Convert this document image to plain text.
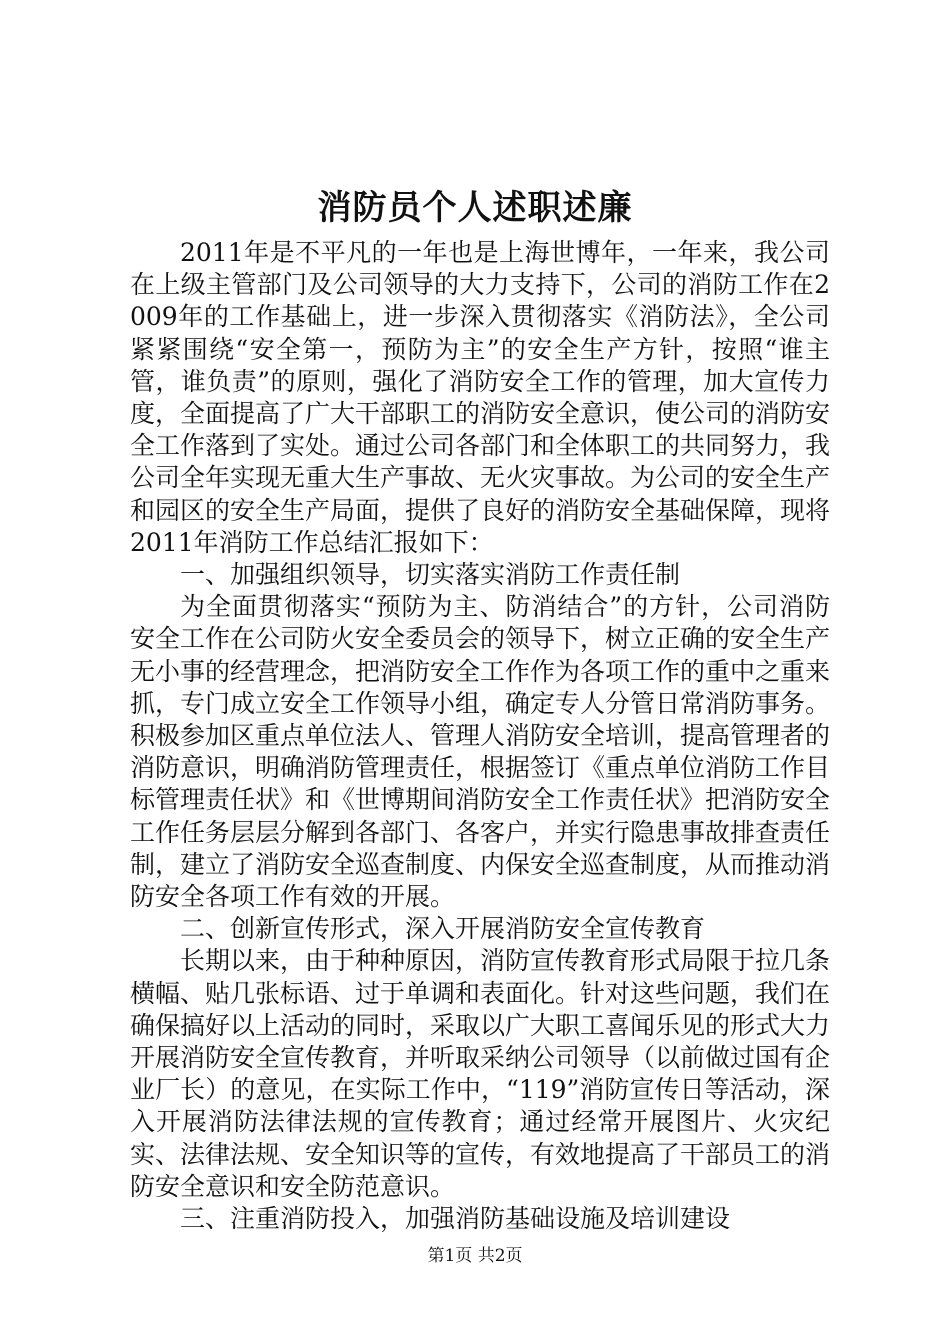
消防员个人述职述廉

2011年是不平凡的一年也是上海世博年，一年来，我公司在上级主管部门及公司领导的大力支持下，公司的消防工作在2009年的工作基础上，进一步深入贯彻落实《消防法》，全公司紧紧围绕“安全第一，预防为主”的安全生产方针，按照“谁主管，谁负责”的原则，强化了消防安全工作的管理，加大宣传力度，全面提高了广大干部职工的消防安全意识，使公司的消防安全工作落到了实处。通过公司各部门和全体职工的共同努力，我公司全年实现无重大生产事故、无火灾事故。为公司的安全生产和园区的安全生产局面，提供了良好的消防安全基础保障，现将2011年消防工作总结汇报如下：

一、加强组织领导，切实落实消防工作责任制

为全面贯彻落实“预防为主、防消结合”的方针，公司消防安全工作在公司防火安全委员会的领导下，树立正确的安全生产无小事的经营理念，把消防安全工作作为各项工作的重中之重来抓，专门成立安全工作领导小组，确定专人分管日常消防事务。积极参加区重点单位法人、管理人消防安全培训，提高管理者的消防意识，明确消防管理责任，根据签订《重点单位消防工作目标管理责任状》和《世博期间消防安全工作责任状》把消防安全工作任务层层分解到各部门、各客户，并实行隐患事故排查责任制，建立了消防安全巡查制度、内保安全巡查制度，从而推动消防安全各项工作有效的开展。

二、创新宣传形式，深入开展消防安全宣传教育

长期以来，由于种种原因，消防宣传教育形式局限于拉几条横幅、贴几张标语、过于单调和表面化。针对这些问题，我们在确保搞好以上活动的同时，采取以广大职工喜闻乐见的形式大力开展消防安全宣传教育，并听取采纳公司领导（以前做过国有企业厂长）的意见，在实际工作中，“119”消防宣传日等活动，深入开展消防法律法规的宣传教育；通过经常开展图片、火灾纪实、法律法规、安全知识等的宣传，有效地提高了干部员工的消防安全意识和安全防范意识。

三、注重消防投入，加强消防基础设施及培训建设

第1页 共2页
